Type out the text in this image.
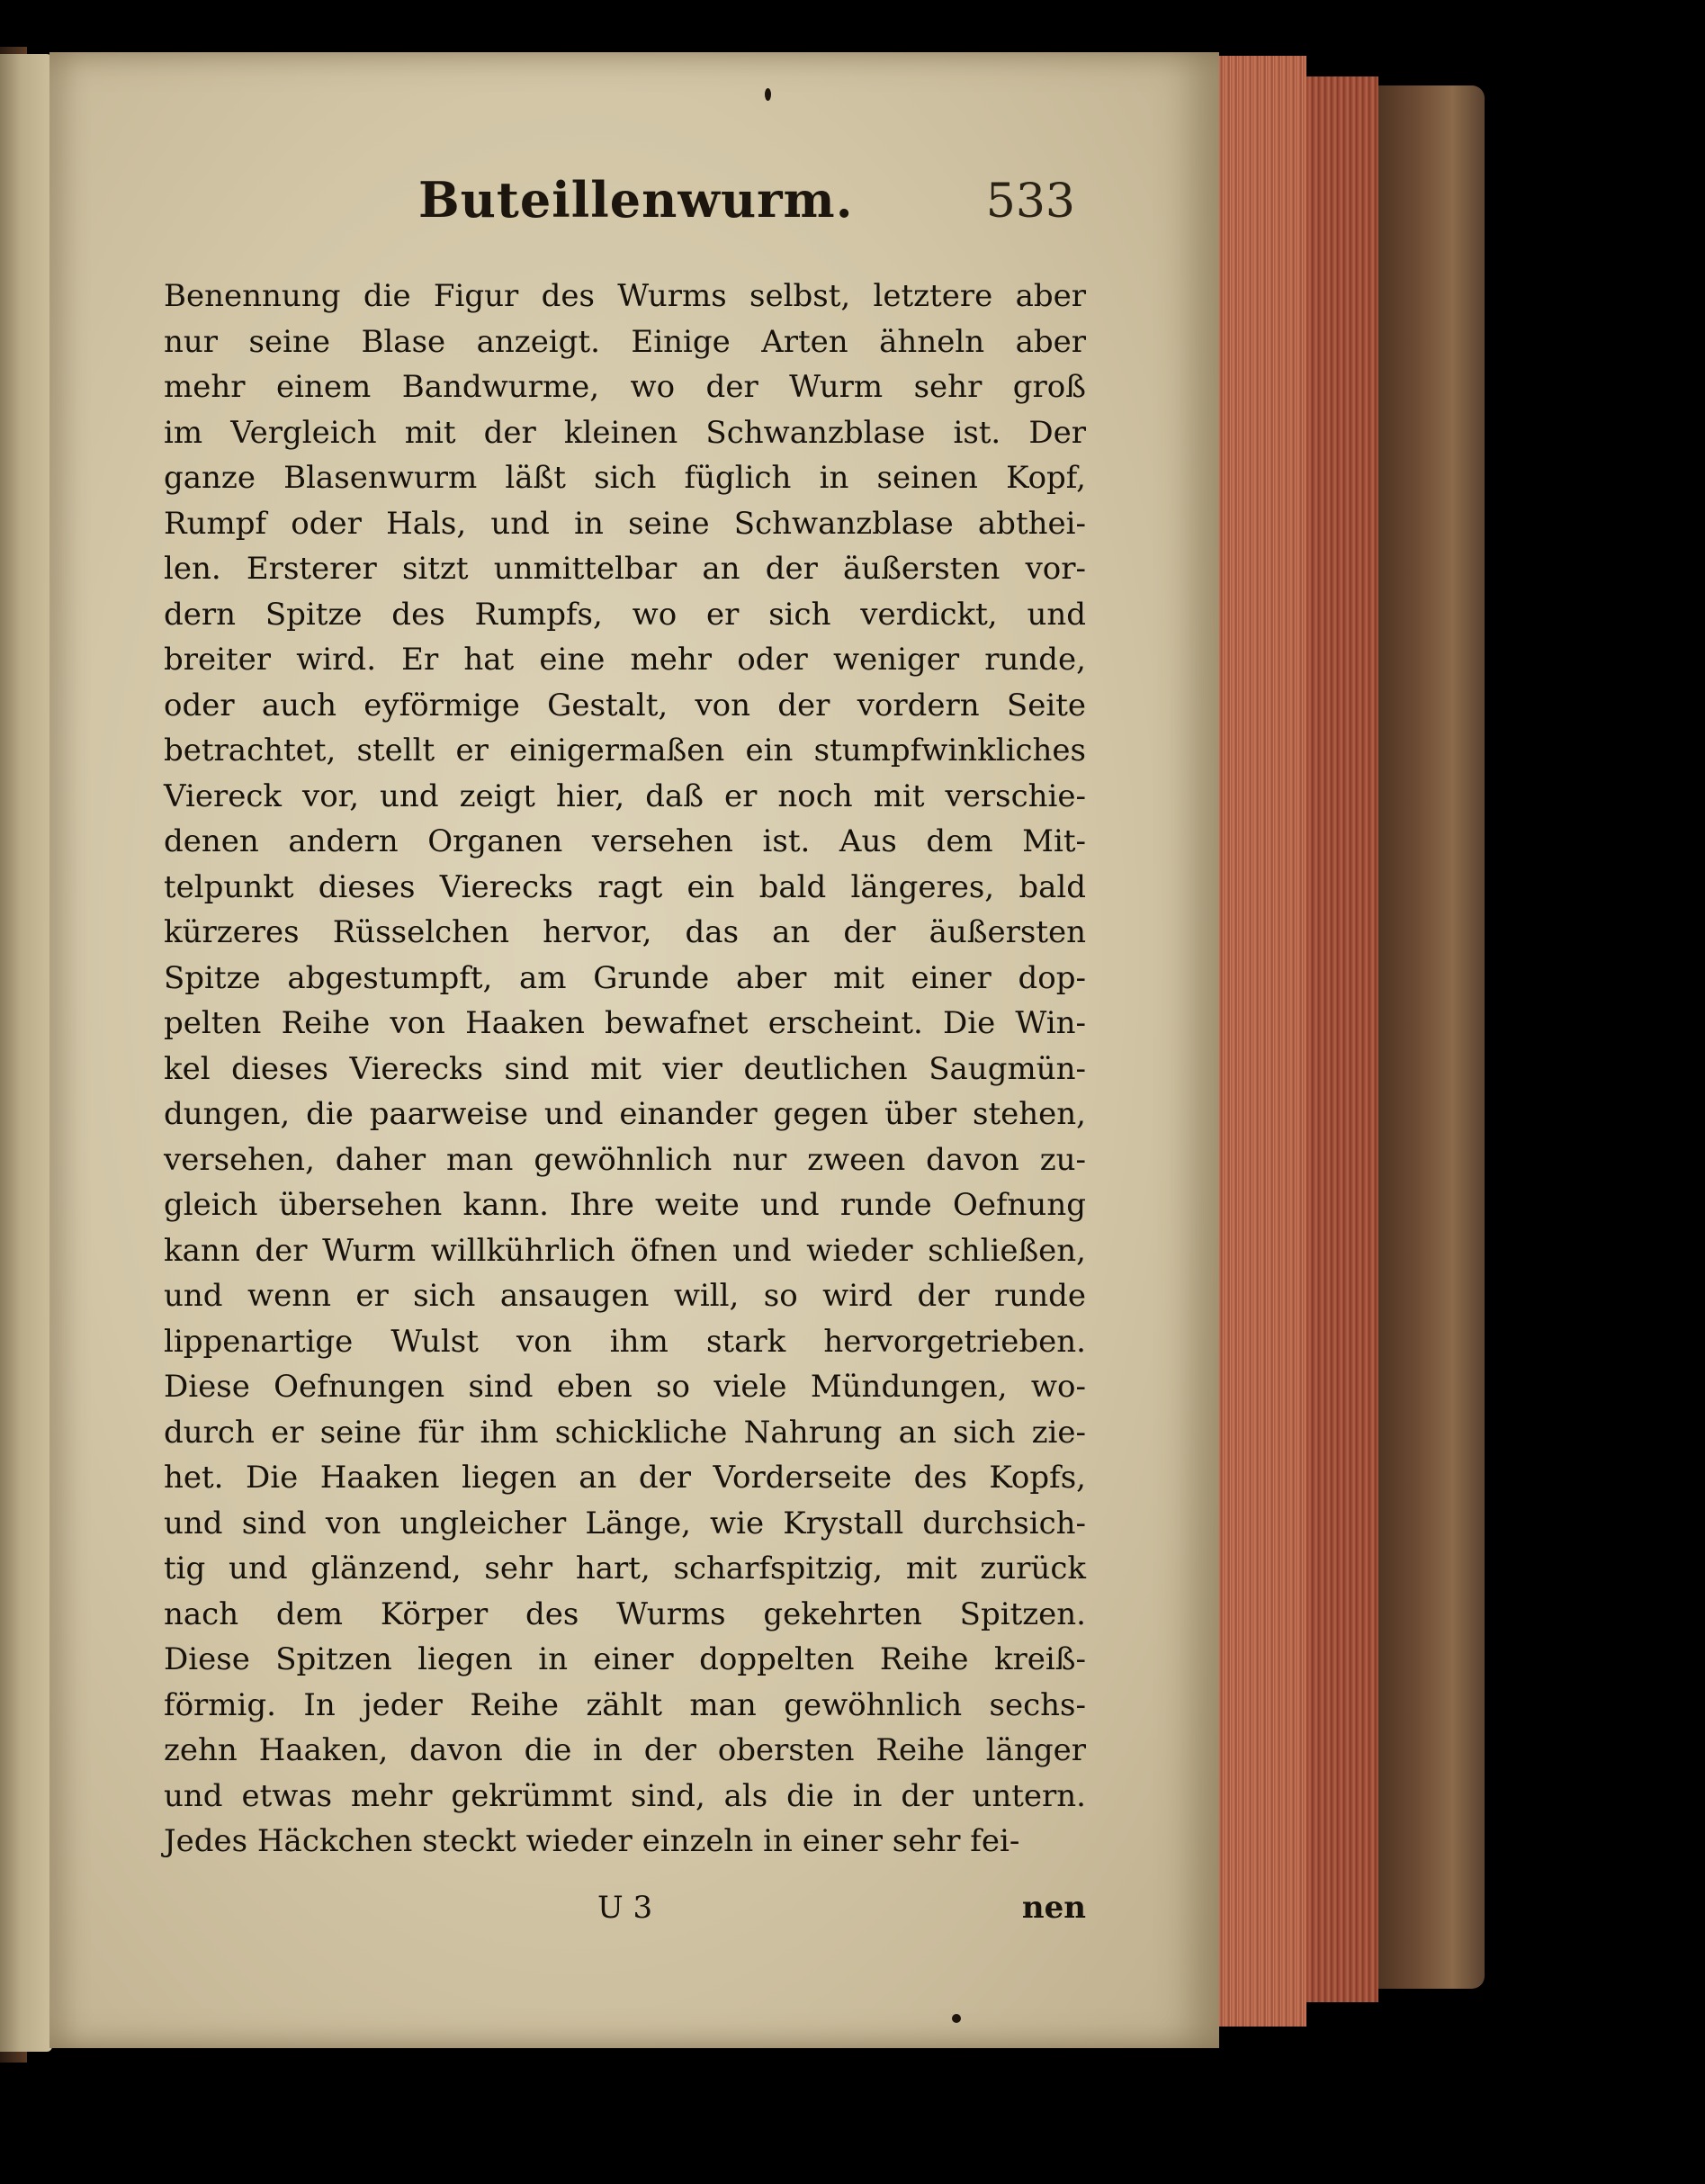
Buteillenwurm.	533
Benennung die Figur des Wurms selbst, letztere aber
nur seine Blase anzeigt. Einige Arten ähneln aber
mehr einem Bandwurme, wo der Wurm sehr groß
im Vergleich mit der kleinen Schwanzblase ist. Der
ganze Blasenwurm läßt sich füglich in seinen Kopf,
Rumpf oder Hals, und in seine Schwanzblase abthei-
len. Ersterer sitzt unmittelbar an der äußersten vor-
dern Spitze des Rumpfs, wo er sich verdickt, und
breiter wird. Er hat eine mehr oder weniger runde,
oder auch eyförmige Gestalt, von der vordern Seite
betrachtet, stellt er einigermaßen ein stumpfwinkliches
Viereck vor, und zeigt hier, daß er noch mit verschie-
denen andern Organen versehen ist. Aus dem Mit-
telpunkt dieses Vierecks ragt ein bald längeres, bald
kürzeres Rüsselchen hervor, das an der äußersten
Spitze abgestumpft, am Grunde aber mit einer dop-
pelten Reihe von Haaken bewafnet erscheint. Die Win-
kel dieses Vierecks sind mit vier deutlichen Saugmün-
dungen, die paarweise und einander gegen über stehen,
versehen, daher man gewöhnlich nur zween davon zu-
gleich übersehen kann. Ihre weite und runde Oefnung
kann der Wurm willkührlich öfnen und wieder schließen,
und wenn er sich ansaugen will, so wird der runde
lippenartige Wulst von ihm stark hervorgetrieben.
Diese Oefnungen sind eben so viele Mündungen, wo-
durch er seine für ihm schickliche Nahrung an sich zie-
het. Die Haaken liegen an der Vorderseite des Kopfs,
und sind von ungleicher Länge, wie Krystall durchsich-
tig und glänzend, sehr hart, scharfspitzig, mit zurück
nach dem Körper des Wurms gekehrten Spitzen.
Diese Spitzen liegen in einer doppelten Reihe kreiß-
förmig. In jeder Reihe zählt man gewöhnlich sechs-
zehn Haaken, davon die in der obersten Reihe länger
und etwas mehr gekrümmt sind, als die in der untern.
Jedes Häckchen steckt wieder einzeln in einer sehr fei-
U 3	nen
